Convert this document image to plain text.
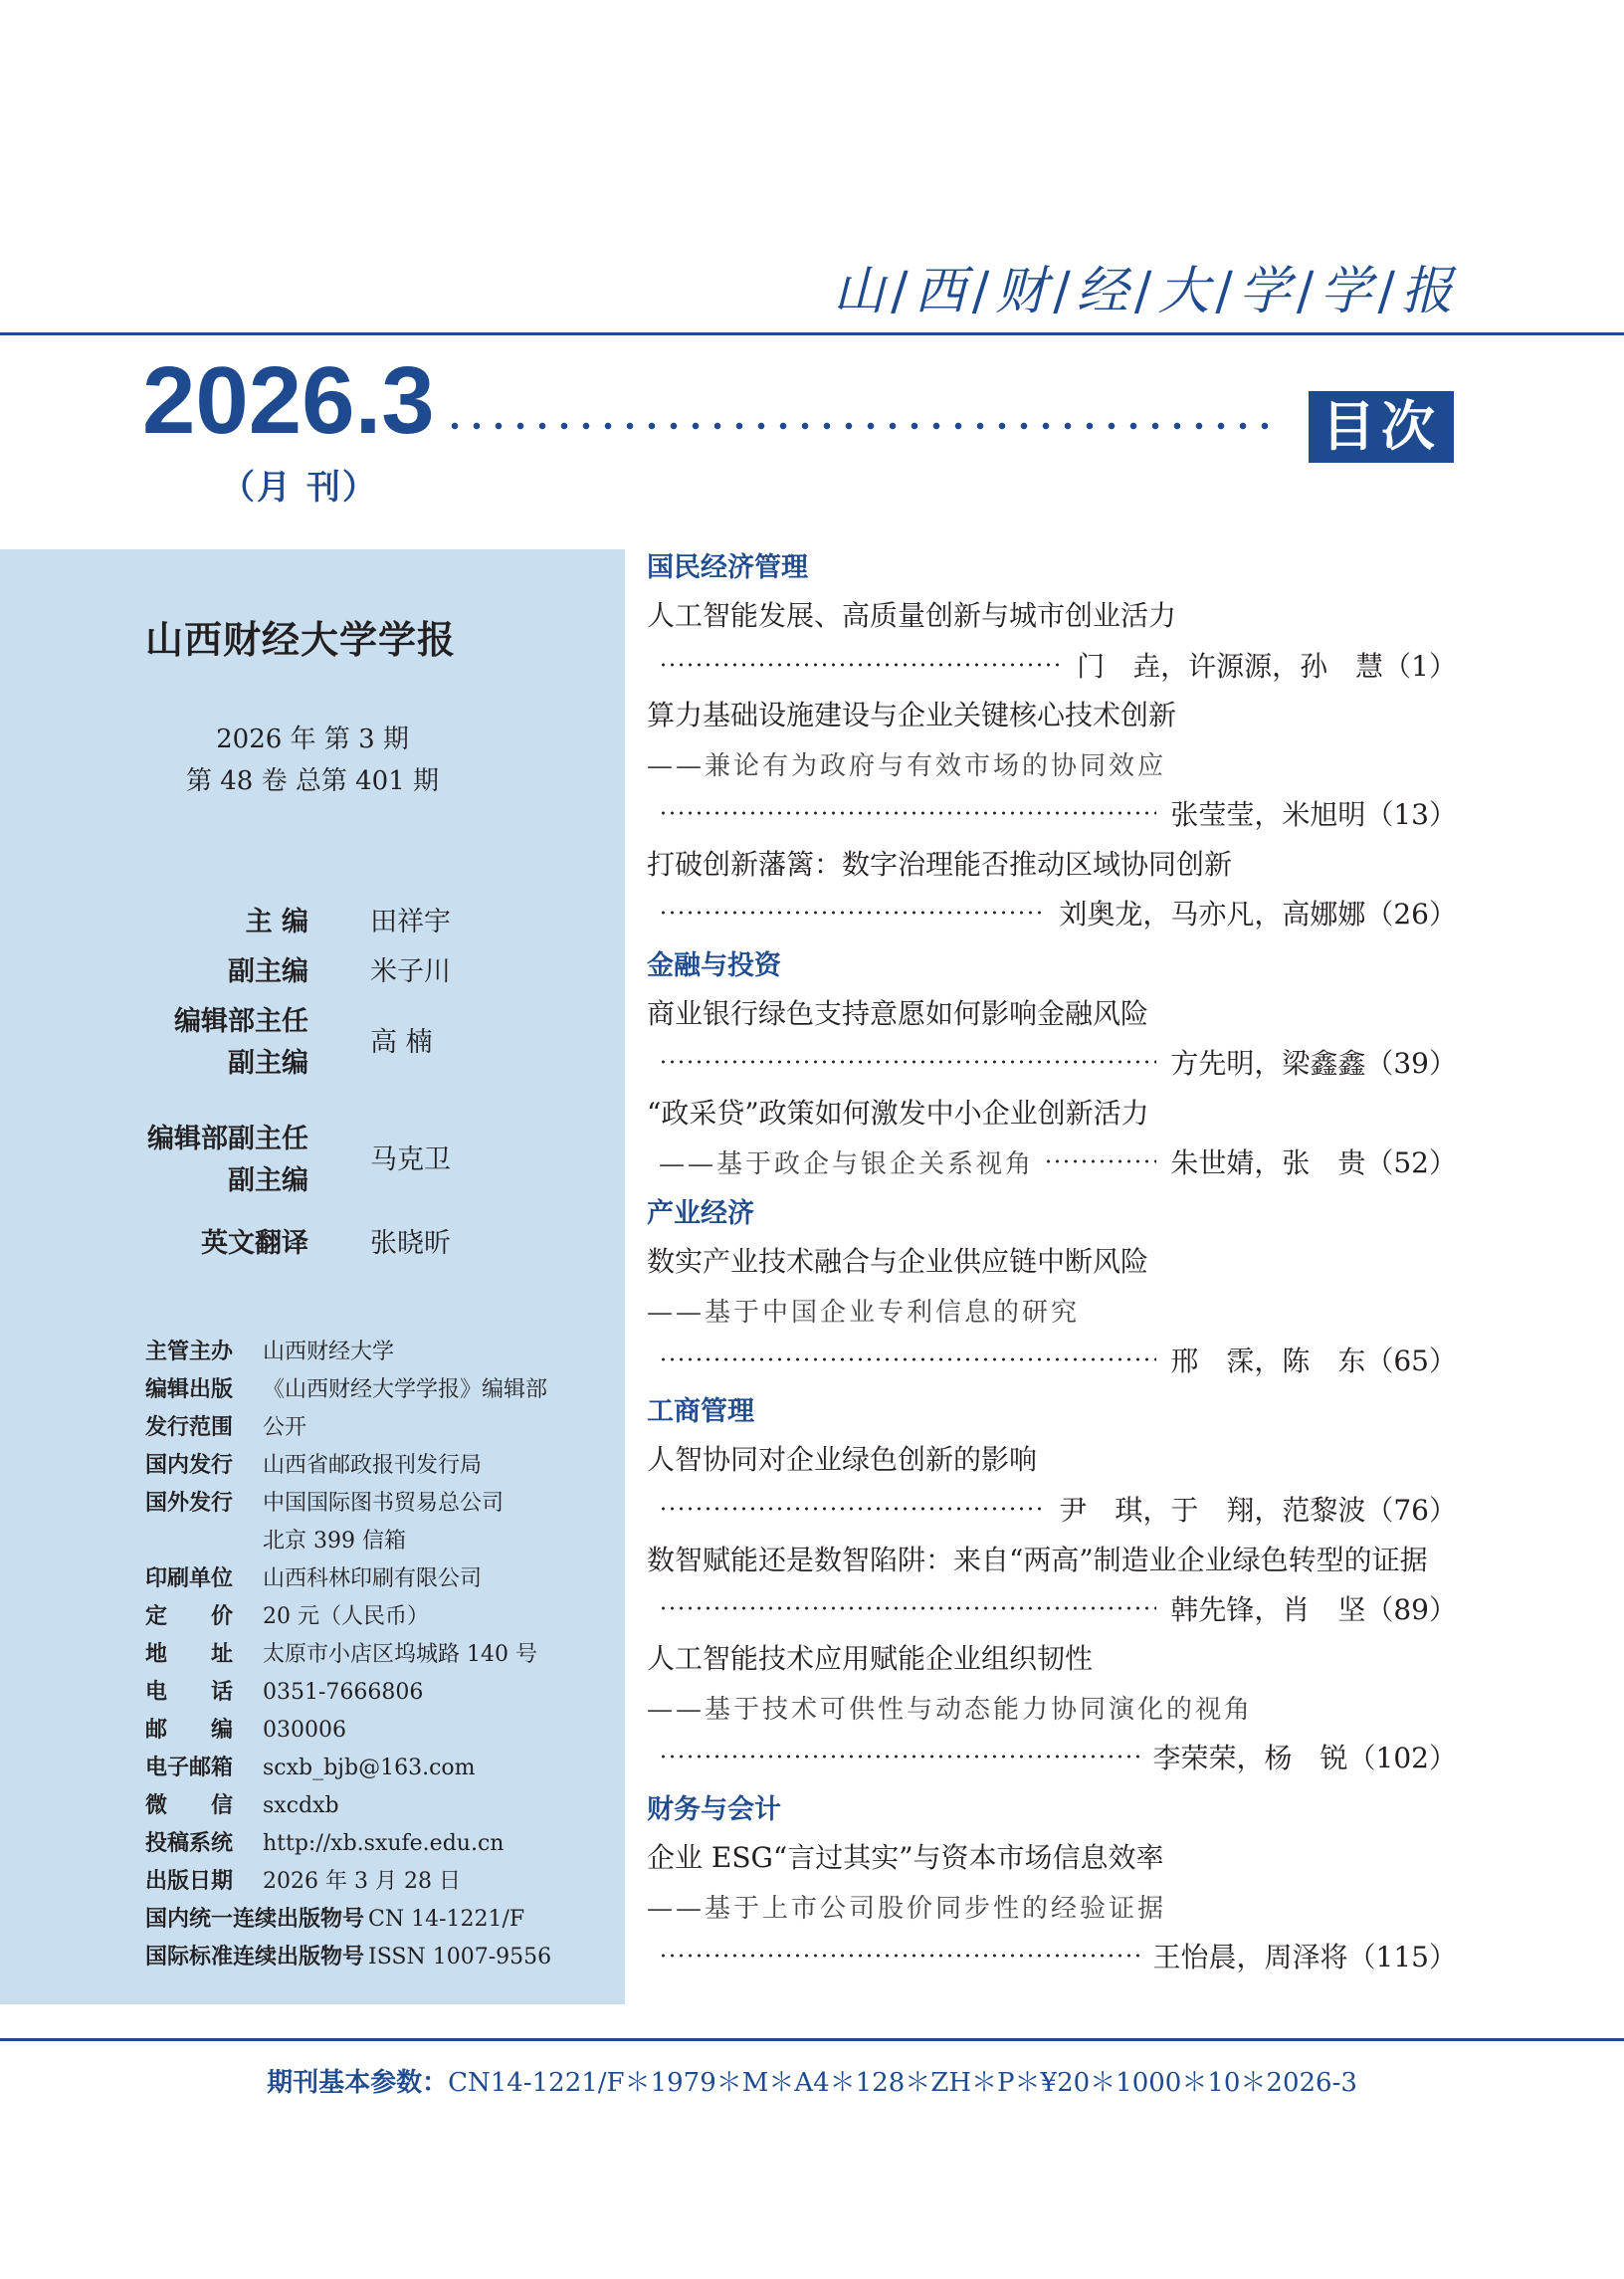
山/西/财/经/大/学/学/报
2026.3
（月 刊）
目次
山西财经大学学报
2026 年 第 3 期
第 48 卷 总第 401 期
主 编 田祥宇
副主编 米子川
编辑部主任
副主编
高 楠
编辑部副主任
副主编
马克卫
英文翻译 张晓昕
主管主办 山西财经大学
编辑出版 《山西财经大学学报》编辑部
发行范围 公开
国内发行 山西省邮政报刊发行局
国外发行 中国国际图书贸易总公司
北京 399 信箱
印刷单位 山西科林印刷有限公司
定　　价 20 元（人民币）
地　　址 太原市小店区坞城路 140 号
电　　话 0351-7666806
邮　　编 030006
电子邮箱 scxb_bjb@163.com
微　　信 sxcdxb
投稿系统 http://xb.sxufe.edu.cn
出版日期 2026 年 3 月 28 日
国内统一连续出版物号 CN 14-1221/F
国际标准连续出版物号 ISSN 1007-9556
国民经济管理
人工智能发展、高质量创新与城市创业活力
门　垚，许源源，孙　慧（1）
算力基础设施建设与企业关键核心技术创新
——兼论有为政府与有效市场的协同效应
张莹莹，米旭明（13）
打破创新藩篱：数字治理能否推动区域协同创新
刘奥龙，马亦凡，高娜娜（26）
金融与投资
商业银行绿色支持意愿如何影响金融风险
方先明，梁鑫鑫（39）
“政采贷”政策如何激发中小企业创新活力
——基于政企与银企关系视角	朱世婧，张　贵（52）
产业经济
数实产业技术融合与企业供应链中断风险
——基于中国企业专利信息的研究
邢　霂，陈　东（65）
工商管理
人智协同对企业绿色创新的影响
尹　琪，于　翔，范黎波（76）
数智赋能还是数智陷阱：来自“两高”制造业企业绿色转型的证据
韩先锋，肖　坚（89）
人工智能技术应用赋能企业组织韧性
——基于技术可供性与动态能力协同演化的视角
李荣荣，杨　锐（102）
财务与会计
企业 ESG“言过其实”与资本市场信息效率
——基于上市公司股价同步性的经验证据
王怡晨，周泽将（115）
期刊基本参数：CN14-1221/F＊1979＊M＊A4＊128＊ZH＊P＊¥20＊1000＊10＊2026-3
